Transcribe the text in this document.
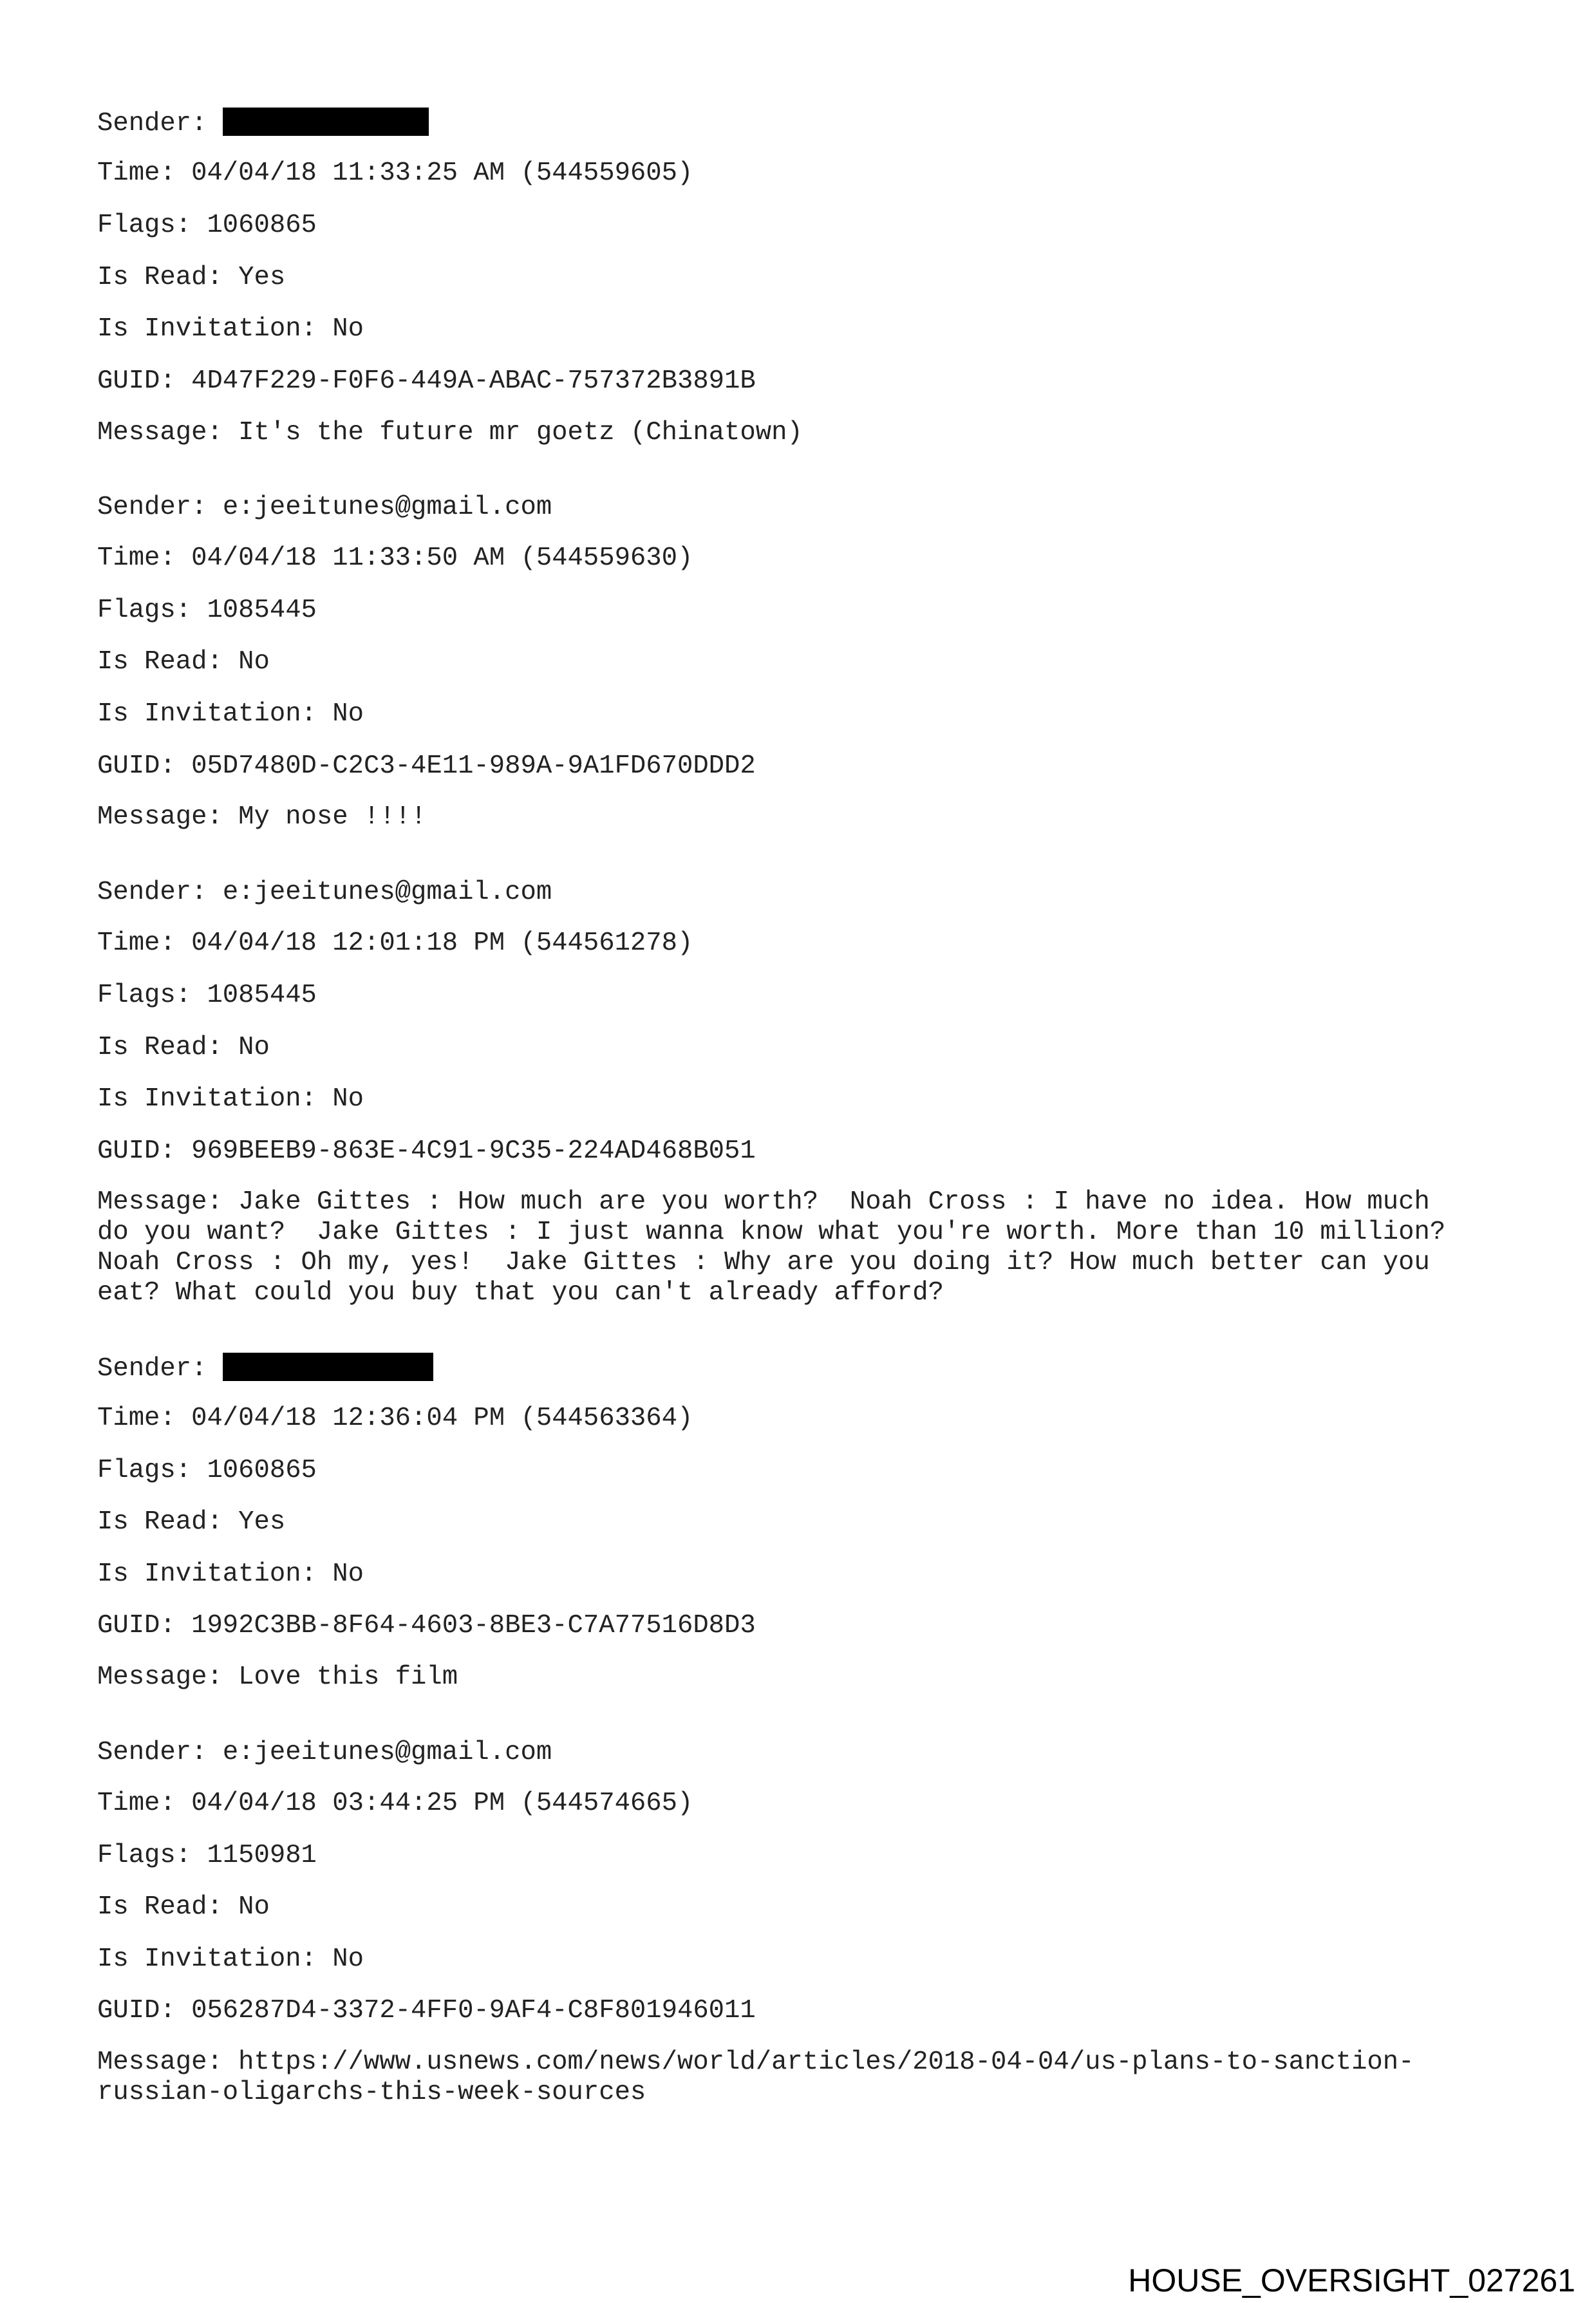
Sender:

Time: 04/04/18 11:33:25 AM (544559605)

Flags: 1060865

Is Read: Yes

Is Invitation: No

GUID: 4D47F229-F0F6-449A-ABAC-757372B3891B

Message: It's the future mr goetz (Chinatown)

Sender: e:jeeitunes@gmail.com

Time: 04/04/18 11:33:50 AM (544559630)

Flags: 1085445

Is Read: No

Is Invitation: No

GUID: 05D7480D-C2C3-4E11-989A-9A1FD670DDD2

Message: My nose !!!!

Sender: e:jeeitunes@gmail.com

Time: 04/04/18 12:01:18 PM (544561278)

Flags: 1085445

Is Read: No

Is Invitation: No

GUID: 969BEEB9-863E-4C91-9C35-224AD468B051

Message: Jake Gittes : How much are you worth?  Noah Cross : I have no idea. How much

do you want?  Jake Gittes : I just wanna know what you're worth. More than 10 million?

Noah Cross : Oh my, yes!  Jake Gittes : Why are you doing it? How much better can you

eat? What could you buy that you can't already afford?

Sender:

Time: 04/04/18 12:36:04 PM (544563364)

Flags: 1060865

Is Read: Yes

Is Invitation: No

GUID: 1992C3BB-8F64-4603-8BE3-C7A77516D8D3

Message: Love this film

Sender: e:jeeitunes@gmail.com

Time: 04/04/18 03:44:25 PM (544574665)

Flags: 1150981

Is Read: No

Is Invitation: No

GUID: 056287D4-3372-4FF0-9AF4-C8F801946011

Message: https://www.usnews.com/news/world/articles/2018-04-04/us-plans-to-sanction-

russian-oligarchs-this-week-sources

HOUSE_OVERSIGHT_027261
